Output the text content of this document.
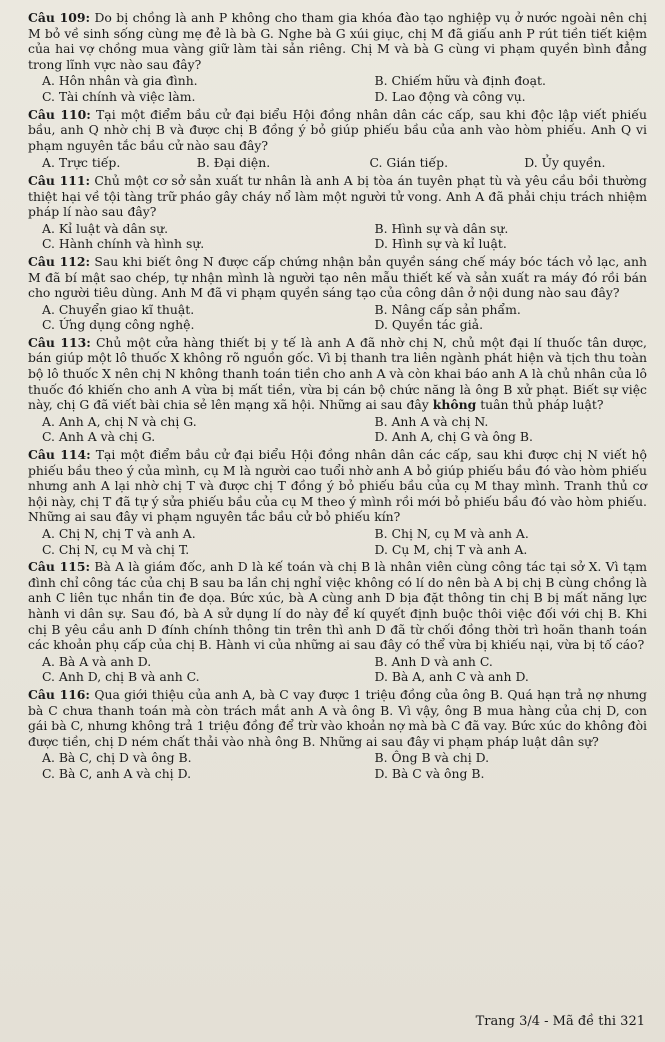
Câu 109: Do bị chồng là anh P không cho tham gia khóa đào tạo nghiệp vụ ở nước ngoài nên chị M bỏ về sinh sống cùng mẹ đẻ là bà G. Nghe bà G xúi giục, chị M đã giấu anh P rút tiền tiết kiệm của hai vợ chồng mua vàng giữ làm tài sản riêng. Chị M và bà G cùng vi phạm quyền bình đẳng trong lĩnh vực nào sau đây?

A. Hôn nhân và gia đình.	B. Chiếm hữu và định đoạt.
C. Tài chính và việc làm.	D. Lao động và công vụ.

Câu 110: Tại một điểm bầu cử đại biểu Hội đồng nhân dân các cấp, sau khi độc lập viết phiếu bầu, anh Q nhờ chị B và được chị B đồng ý bỏ giúp phiếu bầu của anh vào hòm phiếu. Anh Q vi phạm nguyên tắc bầu cử nào sau đây?

A. Trực tiếp.	B. Đại diện.	C. Gián tiếp.	D. Ủy quyền.

Câu 111: Chủ một cơ sở sản xuất tư nhân là anh A bị tòa án tuyên phạt tù và yêu cầu bồi thường thiệt hại về tội tàng trữ pháo gây cháy nổ làm một người tử vong. Anh A đã phải chịu trách nhiệm pháp lí nào sau đây?

A. Kỉ luật và dân sự.	B. Hình sự và dân sự.
C. Hành chính và hình sự.	D. Hình sự và kỉ luật.

Câu 112: Sau khi biết ông N được cấp chứng nhận bản quyền sáng chế máy bóc tách vỏ lạc, anh M đã bí mật sao chép, tự nhận mình là người tạo nên mẫu thiết kế và sản xuất ra máy đó rồi bán cho người tiêu dùng. Anh M đã vi phạm quyền sáng tạo của công dân ở nội dung nào sau đây?

A. Chuyển giao kĩ thuật.	B. Nâng cấp sản phẩm.
C. Ứng dụng công nghệ.	D. Quyền tác giả.

Câu 113: Chủ một cửa hàng thiết bị y tế là anh A đã nhờ chị N, chủ một đại lí thuốc tân dược, bán giúp một lô thuốc X không rõ nguồn gốc. Vì bị thanh tra liên ngành phát hiện và tịch thu toàn bộ lô thuốc X nên chị N không thanh toán tiền cho anh A và còn khai báo anh A là chủ nhân của lô thuốc đó khiến cho anh A vừa bị mất tiền, vừa bị cán bộ chức năng là ông B xử phạt. Biết sự việc này, chị G đã viết bài chia sẻ lên mạng xã hội. Những ai sau đây không tuân thủ pháp luật?

A. Anh A, chị N và chị G.	B. Anh A và chị N.
C. Anh A và chị G.	D. Anh A, chị G và ông B.

Câu 114: Tại một điểm bầu cử đại biểu Hội đồng nhân dân các cấp, sau khi được chị N viết hộ phiếu bầu theo ý của mình, cụ M là người cao tuổi nhờ anh A bỏ giúp phiếu bầu đó vào hòm phiếu nhưng anh A lại nhờ chị T và được chị T đồng ý bỏ phiếu bầu của cụ M thay mình. Tranh thủ cơ hội này, chị T đã tự ý sửa phiếu bầu của cụ M theo ý mình rồi mới bỏ phiếu bầu đó vào hòm phiếu. Những ai sau đây vi phạm nguyên tắc bầu cử bỏ phiếu kín?

A. Chị N, chị T và anh A.	B. Chị N, cụ M và anh A.
C. Chị N, cụ M và chị T.	D. Cụ M, chị T và anh A.

Câu 115: Bà A là giám đốc, anh D là kế toán và chị B là nhân viên cùng công tác tại sở X. Vì tạm đình chỉ công tác của chị B sau ba lần chị nghỉ việc không có lí do nên bà A bị chị B cùng chồng là anh C liên tục nhắn tin đe dọa. Bức xúc, bà A cùng anh D bịa đặt thông tin chị B bị mất năng lực hành vi dân sự. Sau đó, bà A sử dụng lí do này để kí quyết định buộc thôi việc đối với chị B. Khi chị B yêu cầu anh D đính chính thông tin trên thì anh D đã từ chối đồng thời trì hoãn thanh toán các khoản phụ cấp của chị B. Hành vi của những ai sau đây có thể vừa bị khiếu nại, vừa bị tố cáo?

A. Bà A và anh D.	B. Anh D và anh C.
C. Anh D, chị B và anh C.	D. Bà A, anh C và anh D.

Câu 116: Qua giới thiệu của anh A, bà C vay được 1 triệu đồng của ông B. Quá hạn trả nợ nhưng bà C chưa thanh toán mà còn trách mắt anh A và ông B. Vì vậy, ông B mua hàng của chị D, con gái bà C, nhưng không trả 1 triệu đồng để trừ vào khoản nợ mà bà C đã vay. Bức xúc do không đòi được tiền, chị D ném chất thải vào nhà ông B. Những ai sau đây vi phạm pháp luật dân sự?

A. Bà C, chị D và ông B.	B. Ông B và chị D.
C. Bà C, anh A và chị D.	D. Bà C và ông B.
Trang 3/4 - Mã đề thi 321
